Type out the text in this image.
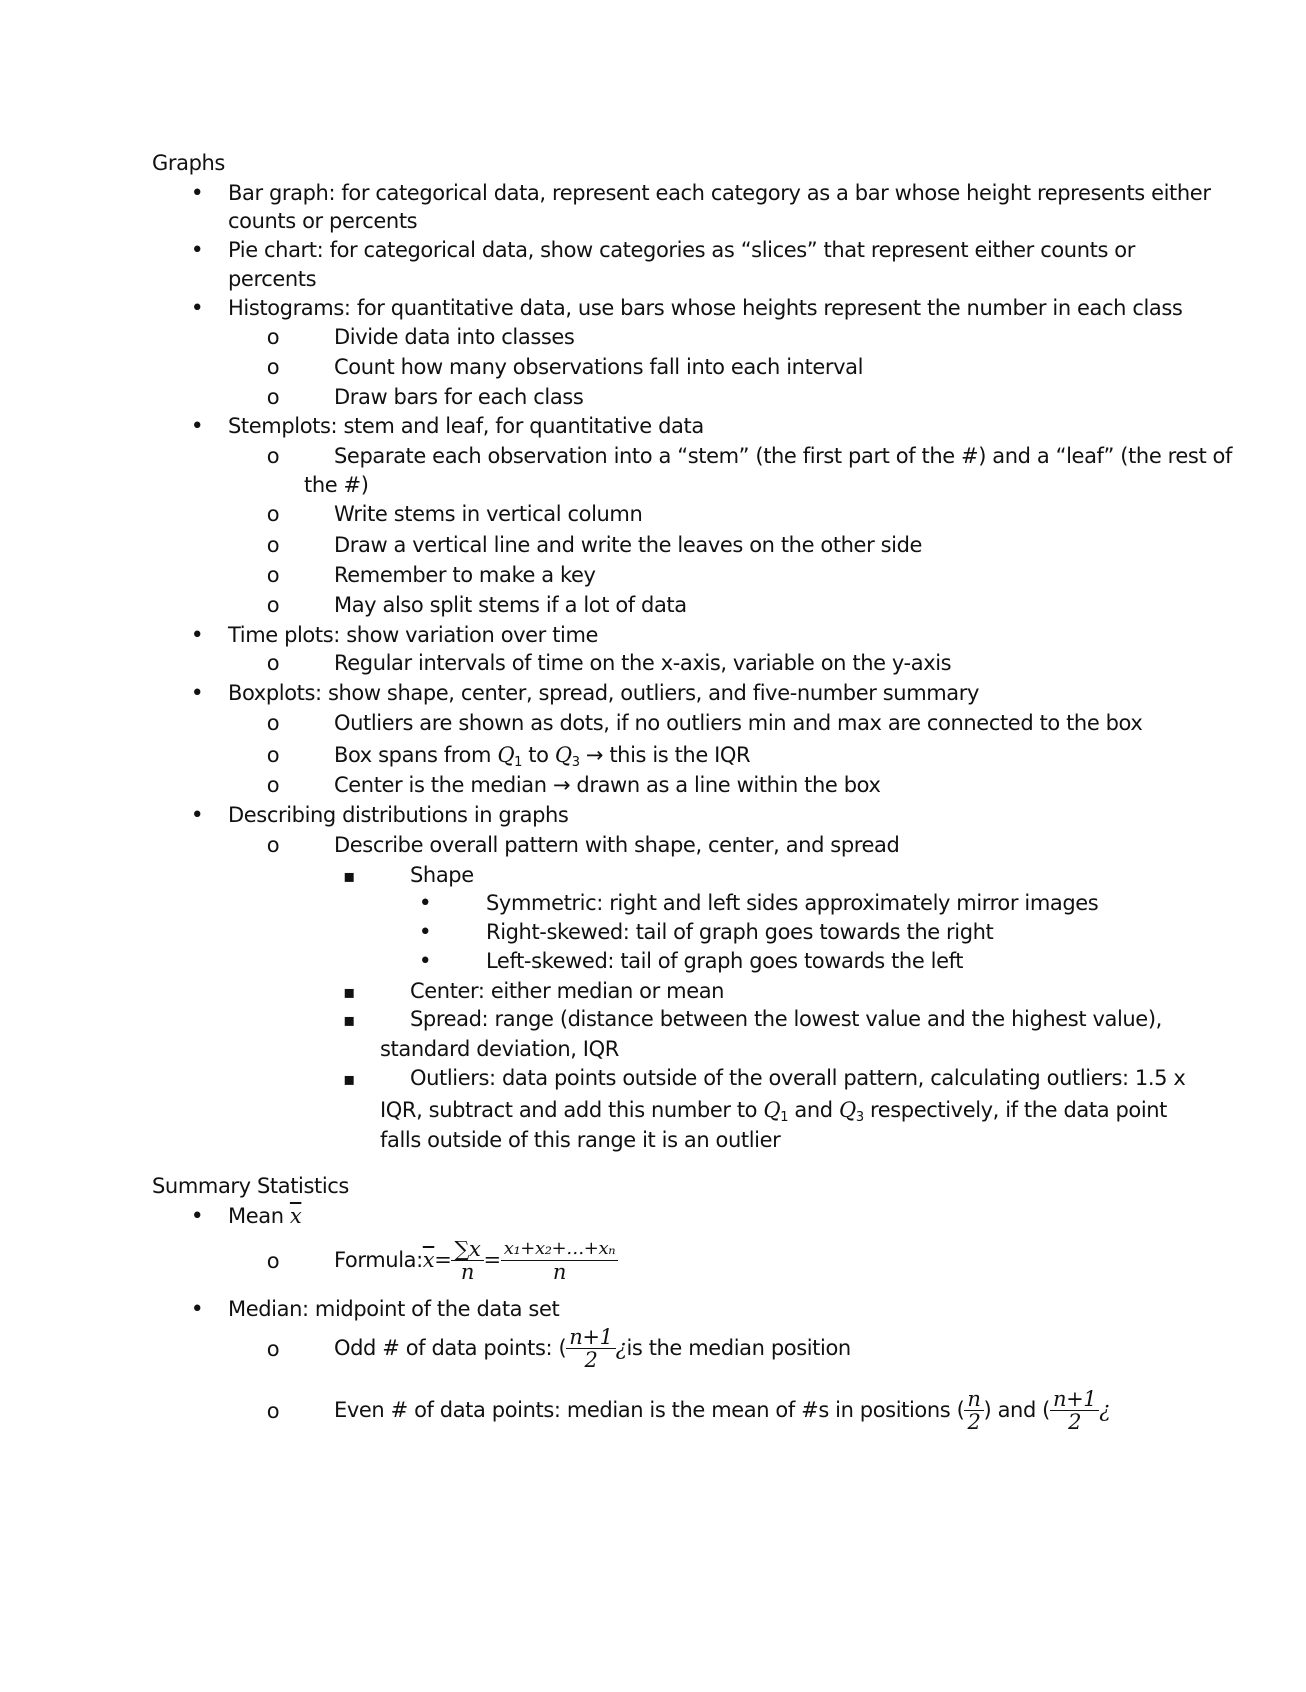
Graphs
•
Bar graph: for categorical data, represent each category as a bar whose height represents either
counts or percents
•
Pie chart: for categorical data, show categories as “slices” that represent either counts or
percents
•
Histograms: for quantitative data, use bars whose heights represent the number in each class
o
Divide data into classes
o
Count how many observations fall into each interval
o
Draw bars for each class
•
Stemplots: stem and leaf, for quantitative data
o
Separate each observation into a “stem” (the first part of the #) and a “leaf” (the rest of
the #)
o
Write stems in vertical column
o
Draw a vertical line and write the leaves on the other side
o
Remember to make a key
o
May also split stems if a lot of data
•
Time plots: show variation over time
o
Regular intervals of time on the x-axis, variable on the y-axis
•
Boxplots: show shape, center, spread, outliers, and five-number summary
o
Outliers are shown as dots, if no outliers min and max are connected to the box
o
Box spans from $Q_1$ to $Q_3$ → this is the IQR
o
Center is the median → drawn as a line within the box
•
Describing distributions in graphs
o
Describe overall pattern with shape, center, and spread
▪
Shape
•
Symmetric: right and left sides approximately mirror images
•
Right-skewed: tail of graph goes towards the right
•
Left-skewed: tail of graph goes towards the left
▪
Center: either median or mean
▪
Spread: range (distance between the lowest value and the highest value),
standard deviation, IQR
▪
Outliers: data points outside of the overall pattern, calculating outliers: 1.5 x
IQR, subtract and add this number to $Q_1$ and $Q_3$ respectively, if the data point
falls outside of this range it is an outlier
Summary Statistics
•
Mean $\overline{x}$
o
Formula: $\overline{x} = \frac{\sum x}{n} = \frac{\text{x₁+x₂+…+xₙ}}{n}$
•
Median: midpoint of the data set
o
Odd # of data points: ( $\frac{n+1}{2}$ ¿ is the median position
o
Even # of data points: median is the mean of #s in positions ( $\frac{n}{2}$ ) and ( $\frac{n+1}{2}$ ¿
